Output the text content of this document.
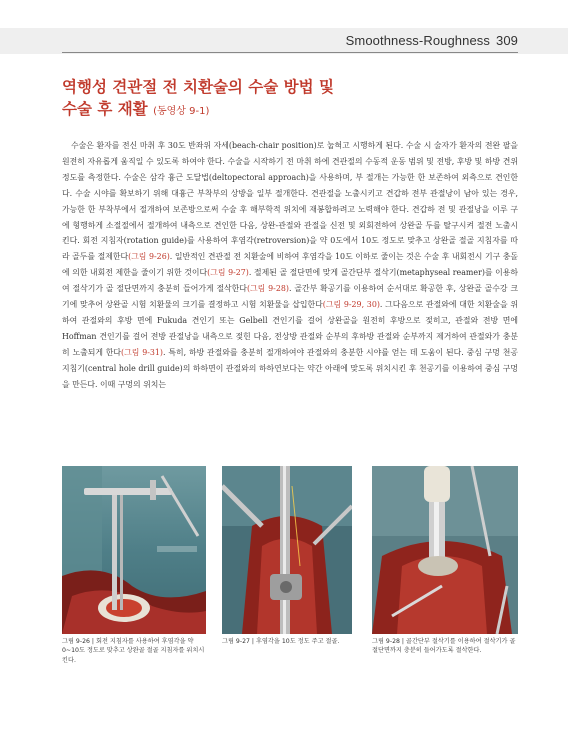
Smoothness-Roughness 309
역행성 견관절 전 치환술의 수술 방법 및
수술 후 재활 (동영상 9-1)

수술은 환자를 전신 마취 후 30도 반좌위 자세(beach-chair position)로 눕혀고 시행하게 된다. 수술 시 술자가 환자의 전완 팔을 원전히 자유롭게 움직일 수 있도록 하여야 한다. 수술을 시작하기 전 마취 하에 견관절의 수동적 운동 범위 및 전방, 후방 및 하방 견위 정도를 측정한다. 수술은 삼각 흉근 도달법(deltopectoral approach)을 사용하며, 부 절개는 가능한 한 보존하여 외측으로 견인한다. 수술 시야를 확보하기 위해 대흉근 부착부의 상방을 일부 절개한다. 견관절을 노출시키고 견갑하 전부 관절낭이 남아 있는 경우, 가능한 한 부착부에서 절개하여 보존방으로써 수술 후 해부학적 위치에 재봉합하려고 노력해야 한다. 견갑하 전 및 관절낭을 이루 구에 형행하게 소절절에서 절개하여 내측으로 견인한 다음, 상완-관절와 관절을 신전 및 외회전하여 상완골 두를 탈구시켜 절전 노출시킨다. 회전 지침자(rotation guide)를 사용하여 후염각(retroversion)을 약 0도에서 10도 정도로 맞추고 상완골 절골 지침자를 따라 골두를 절제한다(그림 9-26). 일반적인 견관절 전 치환술에 비하여 후염각을 10도 이하로 줄이는 것은 수술 후 내회전시 기구 충돌에 의한 내회전 제한을 줄이기 위한 것이다(그림 9-27). 절제된 골 절단면에 맞게 골간단부 절삭기(metaphyseal reamer)를 이용하여 절삭기가 골 절단면까지 충분히 들어가게 절삭한다(그림 9-28). 골간부 확공기를 이용하여 순서대로 확공한 후, 상완골 골수강 크기에 맞추어 상완골 시험 치환물의 크기를 결정하고 시험 치환물을 삽입한다(그림 9-29, 30). 그다음으로 관절와에 대한 치환술을 위하여 관절와의 후방 면에 Fukuda 견인기 또는 Gelbell 견인기를 걸어 상완골을 원전히 후방으로 젖히고, 관절와 전방 면에 Hoffman 견인기를 걸어 전방 관절낭을 내측으로 젖힌 다음, 전상방 관절와 순부의 후하방 관절와 순부까지 제거하여 관절와가 충분히 노출되게 한다(그림 9-31). 특히, 하방 관절와를 충분히 절개하여야 관절와의 충분한 시야를 얻는 데 도움이 된다. 중심 구멍 천공 지침기(central hole drill guide)의 하하면이 관절와의 하하연보다는 약간 아래에 맞도록 위치시킨 후 천공기를 이용하여 중심 구멍을 만든다. 이때 구멍의 위치는

그림 9-26 | 회전 지침자를 사용하여 후염각을 약 0~10도 정도로 맞추고 상완골 절골 지침자를 위치시킨다.
그림 9-27 | 후염각을 10도 정도 주고 절골.	그림 9-28 | 골간단부 절삭기를 이용하여 절삭기가 골 절단면까지 충분히 들어가도록 절삭한다.
